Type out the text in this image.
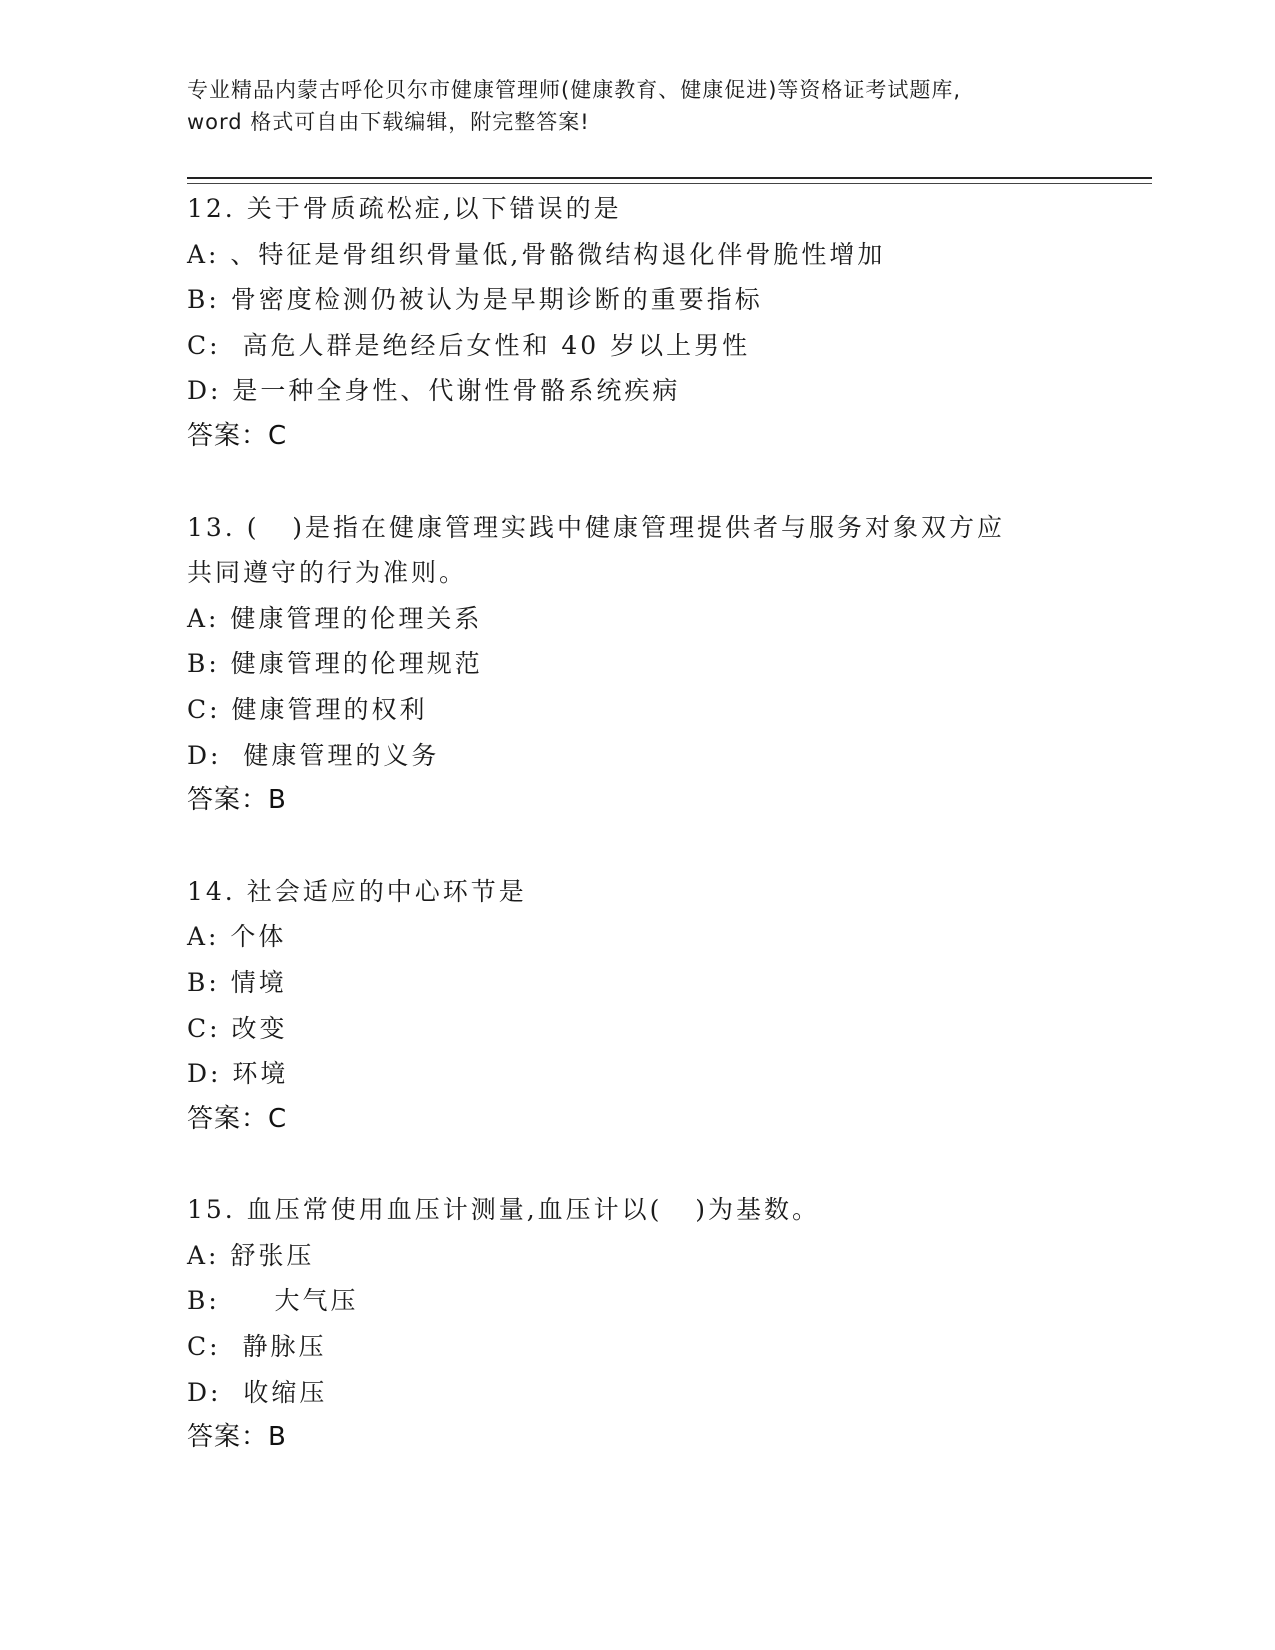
专业精品内蒙古呼伦贝尔市健康管理师(健康教育、健康促进)等资格证考试题库,
word 格式可自由下载编辑，附完整答案!
12. 关于骨质疏松症,以下错误的是
A: 、特征是骨组织骨量低,骨骼微结构退化伴骨脆性增加
B: 骨密度检测仍被认为是早期诊断的重要指标
C:  高危人群是绝经后女性和 40 岁以上男性
D: 是一种全身性、代谢性骨骼系统疾病
答案：C
13. (   )是指在健康管理实践中健康管理提供者与服务对象双方应
共同遵守的行为准则。
A: 健康管理的伦理关系
B: 健康管理的伦理规范
C: 健康管理的权利
D:  健康管理的义务
答案：B
14. 社会适应的中心环节是
A: 个体
B: 情境
C: 改变
D: 环境
答案：C
15. 血压常使用血压计测量,血压计以(   )为基数。
A: 舒张压
B:     大气压
C:  静脉压
D:  收缩压
答案：B
